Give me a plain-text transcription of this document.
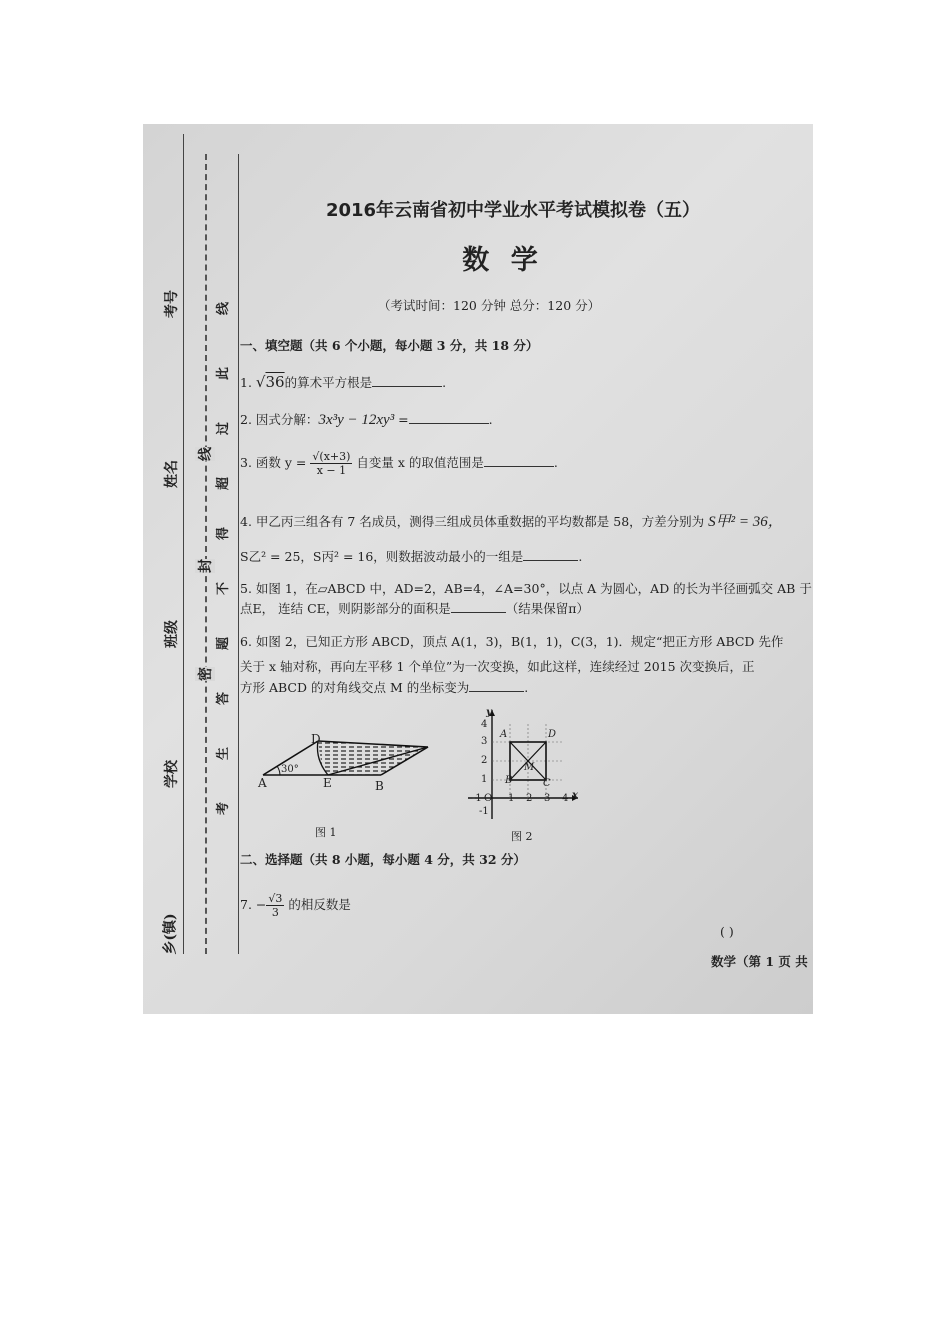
考号
姓名
班级
学校
乡(镇)
线
封
密
线
此
过
超
得
不
题
答
生
考
2016年云南省初中学业水平考试模拟卷（五）
数 学
（考试时间：120 分钟 总分：120 分）
一、填空题（共 6 个小题，每小题 3 分，共 18 分）
1. √36的算术平方根是	.
2. 因式分解：3x³y − 12xy³ =	.
3. 函数 $y = \frac{√(x+3)}{x - 1}$ 自变量 x 的取值范围是	.
4. 甲乙丙三组各有 7 名成员，测得三组成员体重数据的平均数都是 58，方差分别为 S甲² = 36，
S乙² = 25，S丙² = 16，则数据波动最小的一组是	.
5. 如图 1，在▱ABCD 中，AD=2，AB=4，∠A=30°，以点 A 为圆心，AD 的长为半径画弧交 AB 于
点E， 连结 CE，则阴影部分的面积是	（结果保留π）
6. 如图 2，已知正方形 ABCD，顶点 A(1，3)，B(1，1)，C(3，1)．规定“把正方形 ABCD 先作
关于 x 轴对称，再向左平移 1 个单位”为一次变换，如此这样，连续经过 2015 次变换后，正
方形 ABCD 的对角线交点 M 的坐标变为	.
A	E	B
D
30°
图 1
y
x
4
3
2
1
-1
-1 O 1 2 3 4
A	D
B	C
M
图 2
二、选择题（共 8 小题，每小题 4 分，共 32 分）
7. − $\frac{√3}{3}$ 的相反数是
( )
数学（第 1 页 共
